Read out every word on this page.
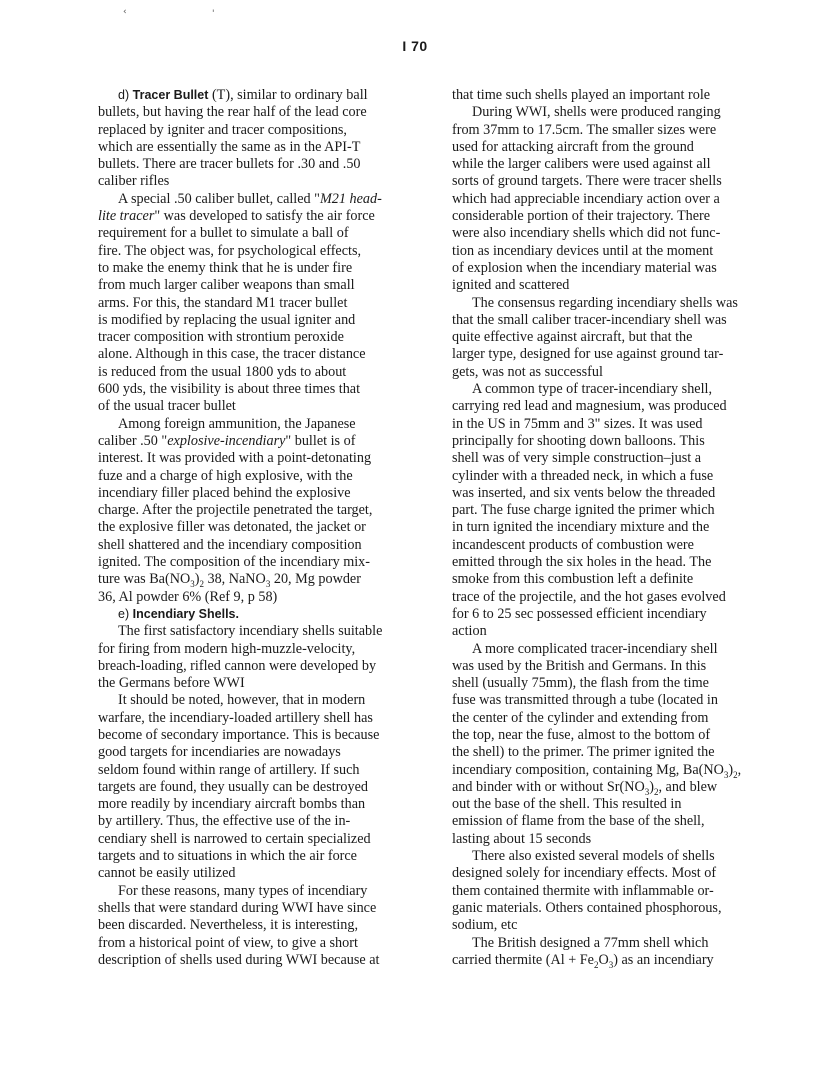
‹	'
I 70
d) Tracer Bullet (T), similar to ordinary ball
bullets, but having the rear half of the lead core
replaced by igniter and tracer compositions,
which are essentially the same as in the API-T
bullets. There are tracer bullets for .30 and .50
caliber rifles
A special .50 caliber bullet, called "M21 head-
lite tracer" was developed to satisfy the air force
requirement for a bullet to simulate a ball of
fire. The object was, for psychological effects,
to make the enemy think that he is under fire
from much larger caliber weapons than small
arms. For this, the standard M1 tracer bullet
is modified by replacing the usual igniter and
tracer composition with strontium peroxide
alone. Although in this case, the tracer distance
is reduced from the usual 1800 yds to about
600 yds, the visibility is about three times that
of the usual tracer bullet
Among foreign ammunition, the Japanese
caliber .50 "explosive-incendiary" bullet is of
interest. It was provided with a point-detonating
fuze and a charge of high explosive, with the
incendiary filler placed behind the explosive
charge. After the projectile penetrated the target,
the explosive filler was detonated, the jacket or
shell shattered and the incendiary composition
ignited. The composition of the incendiary mix-
ture was $Ba(NO_3)_2$ 38, NaNO$_3$ 20, Mg powder
36, Al powder 6% (Ref 9, p 58)
e) Incendiary Shells.
The first satisfactory incendiary shells suitable
for firing from modern high-muzzle-velocity,
breach-loading, rifled cannon were developed by
the Germans before WWI
It should be noted, however, that in modern
warfare, the incendiary-loaded artillery shell has
become of secondary importance. This is because
good targets for incendiaries are nowadays
seldom found within range of artillery. If such
targets are found, they usually can be destroyed
more readily by incendiary aircraft bombs than
by artillery. Thus, the effective use of the in-
cendiary shell is narrowed to certain specialized
targets and to situations in which the air force
cannot be easily utilized
For these reasons, many types of incendiary
shells that were standard during WWI have since
been discarded. Nevertheless, it is interesting,
from a historical point of view, to give a short
description of shells used during WWI because at
that time such shells played an important role
During WWI, shells were produced ranging
from 37mm to 17.5cm. The smaller sizes were
used for attacking aircraft from the ground
while the larger calibers were used against all
sorts of ground targets. There were tracer shells
which had appreciable incendiary action over a
considerable portion of their trajectory. There
were also incendiary shells which did not func-
tion as incendiary devices until at the moment
of explosion when the incendiary material was
ignited and scattered
The consensus regarding incendiary shells was
that the small caliber tracer-incendiary shell was
quite effective against aircraft, but that the
larger type, designed for use against ground tar-
gets, was not as successful
A common type of tracer-incendiary shell,
carrying red lead and magnesium, was produced
in the US in 75mm and 3" sizes. It was used
principally for shooting down balloons. This
shell was of very simple construction–just a
cylinder with a threaded neck, in which a fuse
was inserted, and six vents below the threaded
part. The fuse charge ignited the primer which
in turn ignited the incendiary mixture and the
incandescent products of combustion were
emitted through the six holes in the head. The
smoke from this combustion left a definite
trace of the projectile, and the hot gases evolved
for 6 to 25 sec possessed efficient incendiary
action
A more complicated tracer-incendiary shell
was used by the British and Germans. In this
shell (usually 75mm), the flash from the time
fuse was transmitted through a tube (located in
the center of the cylinder and extending from
the top, near the fuse, almost to the bottom of
the shell) to the primer. The primer ignited the
incendiary composition, containing Mg, $Ba(NO_3)_2$,
and binder with or without $Sr(NO_3)_2$, and blew
out the base of the shell. This resulted in
emission of flame from the base of the shell,
lasting about 15 seconds
There also existed several models of shells
designed solely for incendiary effects. Most of
them contained thermite with inflammable or-
ganic materials. Others contained phosphorous,
sodium, etc
The British designed a 77mm shell which
carried thermite $(Al + Fe_2O_3)$ as an incendiary
